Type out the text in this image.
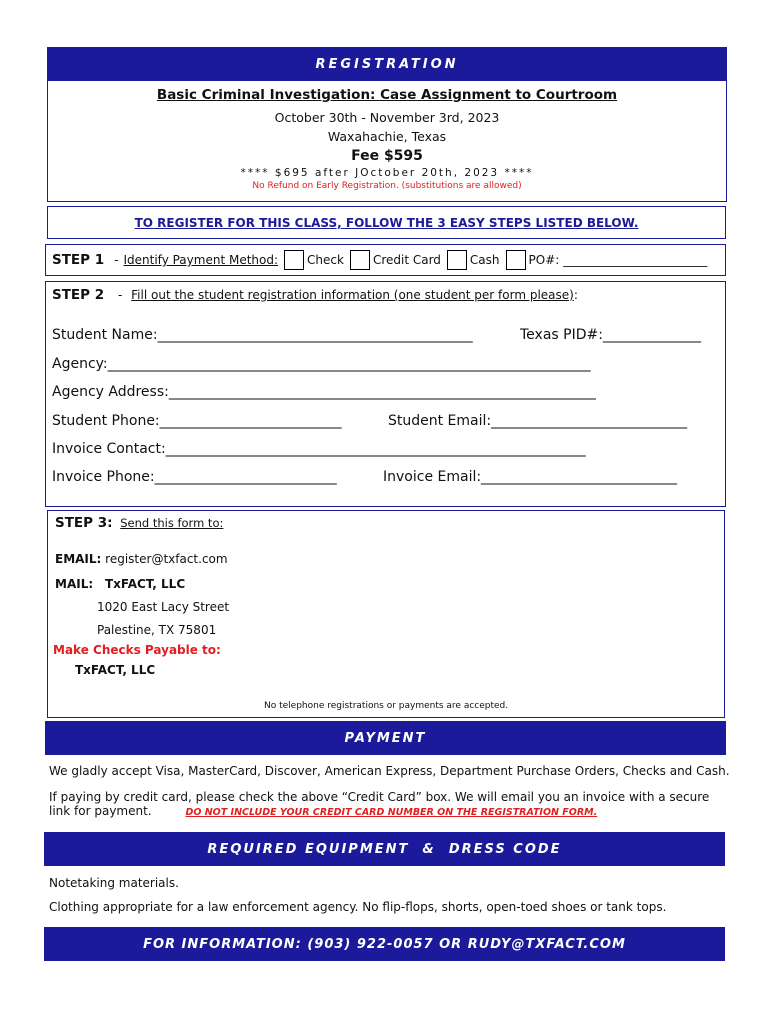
REGISTRATION
Basic Criminal Investigation: Case Assignment to Courtroom
October 30th - November 3rd, 2023
Waxahachie, Texas
Fee $595
**** $695 after JOctober 20th, 2023 ****
No Refund on Early Registration. (substitutions are allowed)
TO REGISTER FOR THIS CLASS, FOLLOW THE 3 EASY STEPS LISTED BELOW.
STEP 1 - Identify Payment Method: Check Credit Card Cash PO#: ________________________
STEP 2 - Fill out the student registration information (one student per form please):
Student Name:_____________________________________________	Texas PID#:______________
Agency:_____________________________________________________________________
Agency Address:_____________________________________________________________
Student Phone:__________________________	Student Email:____________________________
Invoice Contact:____________________________________________________________
Invoice Phone:__________________________	Invoice Email:____________________________
STEP 3: Send this form to:
EMAIL: register@txfact.com
MAIL: TxFACT, LLC
1020 East Lacy Street
Palestine, TX 75801
Make Checks Payable to:
TxFACT, LLC
No telephone registrations or payments are accepted.
PAYMENT
We gladly accept Visa, MasterCard, Discover, American Express, Department Purchase Orders, Checks and Cash.
If paying by credit card, please check the above “Credit Card” box. We will email you an invoice with a secure
link for payment.	DO NOT INCLUDE YOUR CREDIT CARD NUMBER ON THE REGISTRATION FORM.
REQUIRED EQUIPMENT  &  DRESS CODE
Notetaking materials.
Clothing appropriate for a law enforcement agency. No flip-flops, shorts, open-toed shoes or tank tops.
FOR INFORMATION: (903) 922-0057 OR RUDY@TXFACT.COM
